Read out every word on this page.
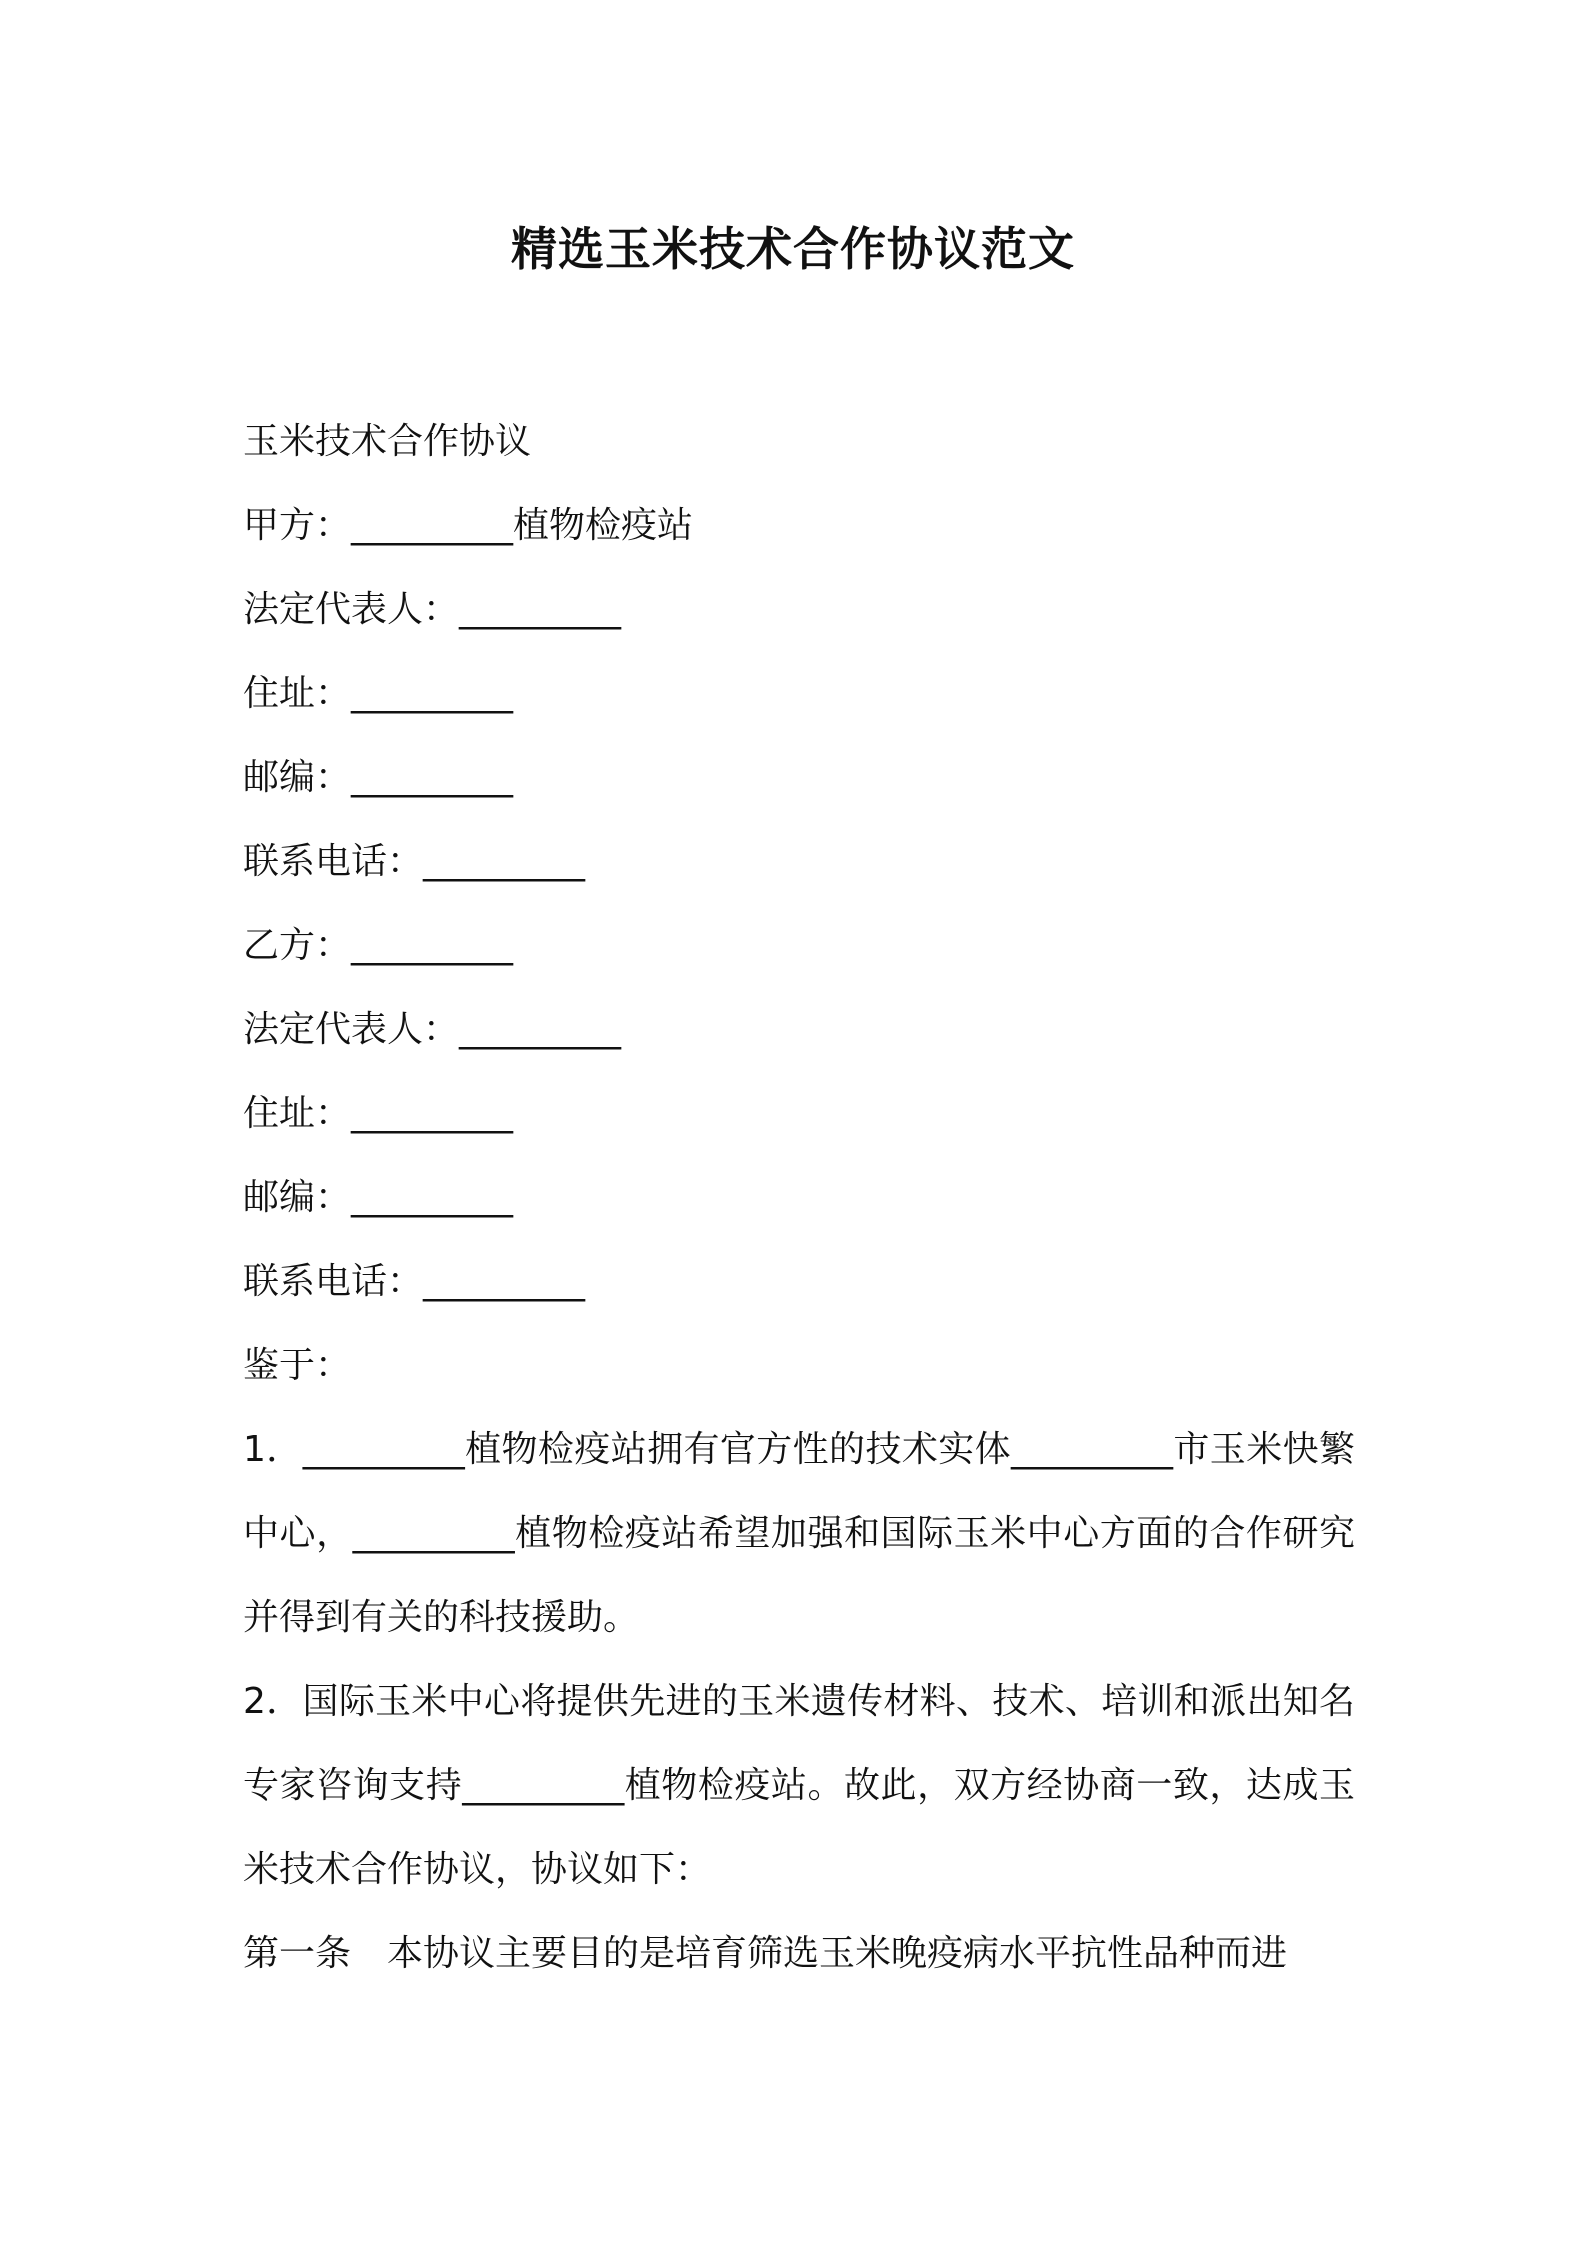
精选玉米技术合作协议范文

玉米技术合作协议

甲方：_________植物检疫站

法定代表人：_________

住址：_________

邮编：_________

联系电话：_________

乙方：_________

法定代表人：_________

住址：_________

邮编：_________

联系电话：_________

鉴于：

1．_________植物检疫站拥有官方性的技术实体_________市玉米快繁中心，_________植物检疫站希望加强和国际玉米中心方面的合作研究并得到有关的科技援助。

2．国际玉米中心将提供先进的玉米遗传材料、技术、培训和派出知名专家咨询支持_________植物检疫站。故此，双方经协商一致，达成玉米技术合作协议，协议如下：

第一条　本协议主要目的是培育筛选玉米晚疫病水平抗性品种而进
